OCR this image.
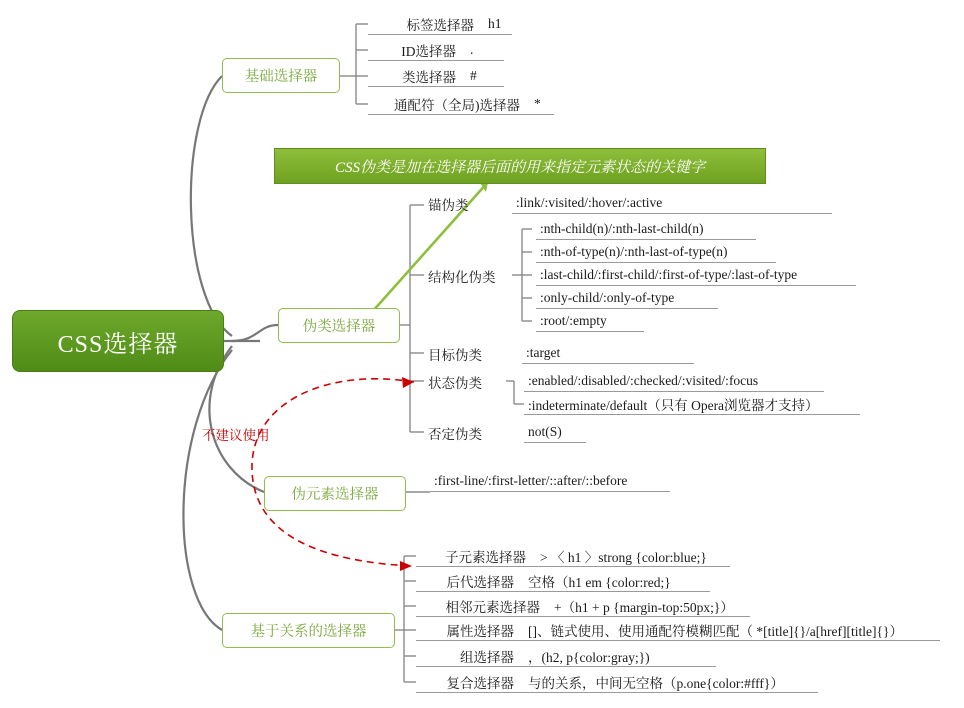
CSS选择器
CSS伪类是加在选择器后面的用来指定元素状态的关键字
不建议使用
基础选择器
伪类选择器
伪元素选择器
基于关系的选择器
标签选择器	h1
ID选择器	.
类选择器	#
通配符（全局)选择器	*
锚伪类	:link/:visited/:hover/:active
结构化伪类
:nth-child(n)/:nth-last-child(n)
:nth-of-type(n)/:nth-last-of-type(n)
:last-child/:first-child/:first-of-type/:last-of-type
:only-child/:only-of-type
:root/:empty
目标伪类	:target
状态伪类	:enabled/:disabled/:checked/:visited/:focus
:indeterminate/default（只有 Opera浏览器才支持）
否定伪类	not(S)
:first-line/:first-letter/::after/::before
子元素选择器	> 〈 h1 〉strong {color:blue;}
后代选择器	空格（h1 em {color:red;}
相邻元素选择器	+（h1 + p {margin-top:50px;}）
属性选择器	[]、链式使用、使用通配符模糊匹配（ *[title]{}/a[href][title]{}）
组选择器	，(h2, p{color:gray;})
复合选择器	与的关系，中间无空格（p.one{color:#fff}）
